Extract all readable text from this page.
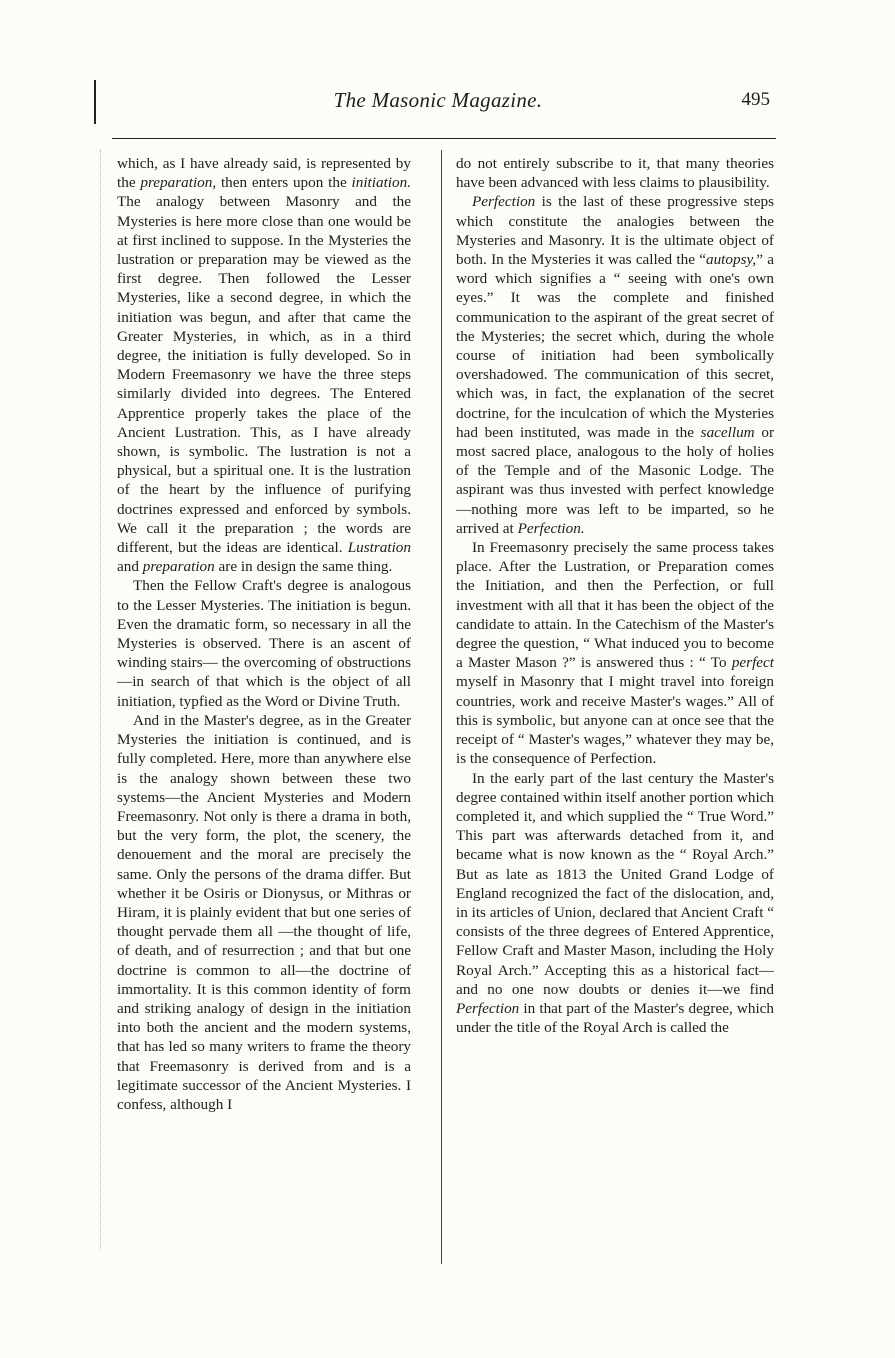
The Masonic Magazine.	495

which, as I have already said, is represented by the preparation, then enters upon the initiation. The analogy between Masonry and the Mysteries is here more close than one would be at first inclined to suppose. In the Mysteries the lustration or preparation may be viewed as the first degree. Then followed the Lesser Mysteries, like a second degree, in which the initiation was begun, and after that came the Greater Mysteries, in which, as in a third degree, the initiation is fully developed. So in Modern Freemasonry we have the three steps similarly divided into degrees. The Entered Apprentice properly takes the place of the Ancient Lustration. This, as I have already shown, is symbolic. The lustration is not a physical, but a spiritual one. It is the lustration of the heart by the influence of purifying doctrines expressed and enforced by symbols. We call it the preparation ; the words are different, but the ideas are identical. Lustration and preparation are in design the same thing.

Then the Fellow Craft's degree is analogous to the Lesser Mysteries. The initiation is begun. Even the dramatic form, so necessary in all the Mysteries is observed. There is an ascent of winding stairs— the overcoming of obstructions—in search of that which is the object of all initiation, typfied as the Word or Divine Truth.

And in the Master's degree, as in the Greater Mysteries the initiation is continued, and is fully completed. Here, more than anywhere else is the analogy shown between these two systems—the Ancient Mysteries and Modern Freemasonry. Not only is there a drama in both, but the very form, the plot, the scenery, the denouement and the moral are precisely the same. Only the persons of the drama differ. But whether it be Osiris or Dionysus, or Mithras or Hiram, it is plainly evident that but one series of thought pervade them all —the thought of life, of death, and of resurrection ; and that but one doctrine is common to all—the doctrine of immortality. It is this common identity of form and striking analogy of design in the initiation into both the ancient and the modern systems, that has led so many writers to frame the theory that Freemasonry is derived from and is a legitimate successor of the Ancient Mysteries. I confess, although I

do not entirely subscribe to it, that many theories have been advanced with less claims to plausibility.

Perfection is the last of these progressive steps which constitute the analogies between the Mysteries and Masonry. It is the ultimate object of both. In the Mysteries it was called the “autopsy,” a word which signifies a “ seeing with one's own eyes.” It was the complete and finished communication to the aspirant of the great secret of the Mysteries; the secret which, during the whole course of initiation had been symbolically overshadowed. The communication of this secret, which was, in fact, the explanation of the secret doctrine, for the inculcation of which the Mysteries had been instituted, was made in the sacellum or most sacred place, analogous to the holy of holies of the Temple and of the Masonic Lodge. The aspirant was thus invested with perfect knowledge—nothing more was left to be imparted, so he arrived at Perfection.

In Freemasonry precisely the same process takes place. After the Lustration, or Preparation comes the Initiation, and then the Perfection, or full investment with all that it has been the object of the candidate to attain. In the Catechism of the Master's degree the question, “ What induced you to become a Master Mason ?” is answered thus : “ To perfect myself in Masonry that I might travel into foreign countries, work and receive Master's wages.” All of this is symbolic, but anyone can at once see that the receipt of “ Master's wages,” whatever they may be, is the consequence of Perfection.

In the early part of the last century the Master's degree contained within itself another portion which completed it, and which supplied the “ True Word.” This part was afterwards detached from it, and became what is now known as the “ Royal Arch.” But as late as 1813 the United Grand Lodge of England recognized the fact of the dislocation, and, in its articles of Union, declared that Ancient Craft “ consists of the three degrees of Entered Apprentice, Fellow Craft and Master Mason, including the Holy Royal Arch.” Accepting this as a historical fact—and no one now doubts or denies it—we find Perfection in that part of the Master's degree, which under the title of the Royal Arch is called the
